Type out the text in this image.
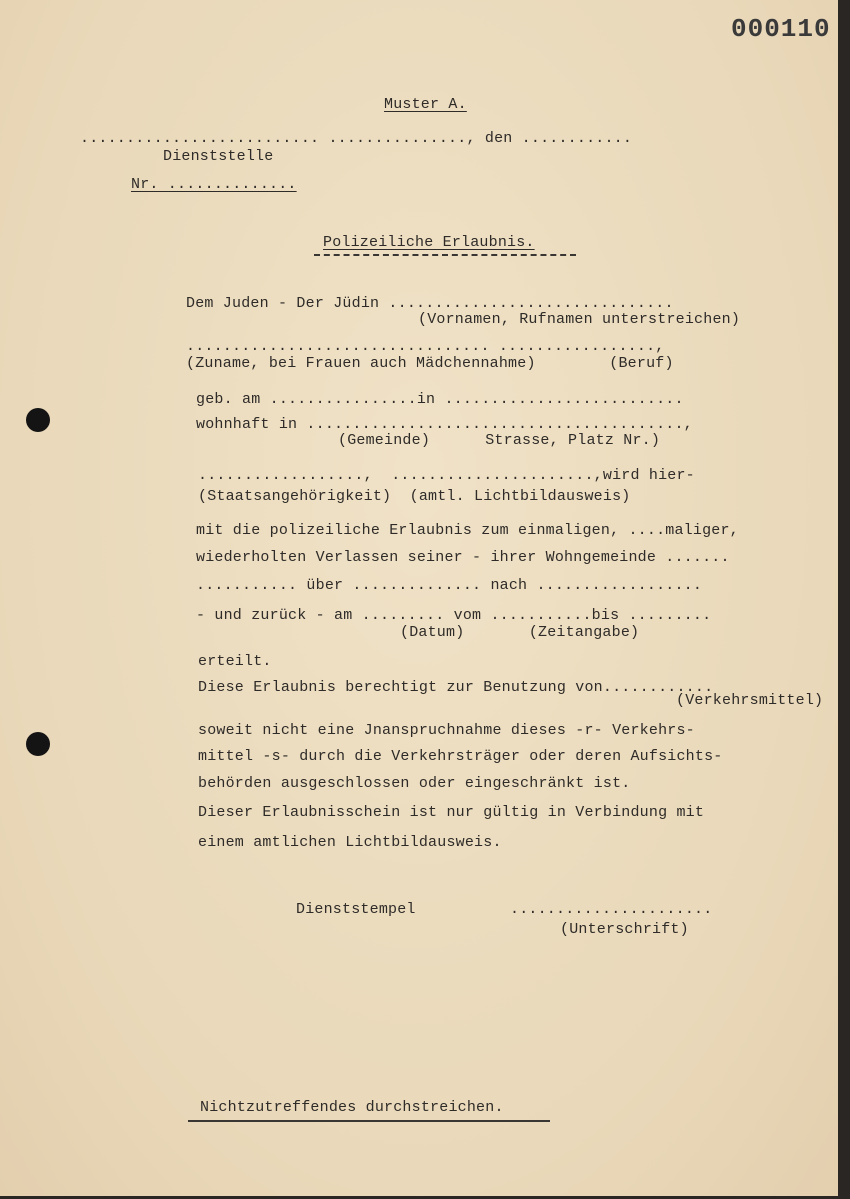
000110
Muster A.
.......................... ..............., den ............
Dienststelle
Nr. ..............
Polizeiliche Erlaubnis.
Dem Juden - Der Jüdin ...............................
(Vornamen, Rufnamen unterstreichen)
................................. .................,
(Zuname, bei Frauen auch Mädchennahme)        (Beruf)
geb. am ................in ..........................
wohnhaft in .........................................,
(Gemeinde)      Strasse, Platz Nr.)
..................,  ......................,wird hier-
(Staatsangehörigkeit)  (amtl. Lichtbildausweis)
mit die polizeiliche Erlaubnis zum einmaligen, ....maliger,
wiederholten Verlassen seiner - ihrer Wohngemeinde .......
........... über .............. nach ..................
- und zurück - am ......... vom ...........bis .........
(Datum)       (Zeitangabe)
erteilt.
Diese Erlaubnis berechtigt zur Benutzung von............
(Verkehrsmittel)
soweit nicht eine Jnanspruchnahme dieses -r- Verkehrs-
mittel -s- durch die Verkehrsträger oder deren Aufsichts-
behörden ausgeschlossen oder eingeschränkt ist.
Dieser Erlaubnisschein ist nur gültig in Verbindung mit
einem amtlichen Lichtbildausweis.
Dienststempel	......................
(Unterschrift)
Nichtzutreffendes durchstreichen.
